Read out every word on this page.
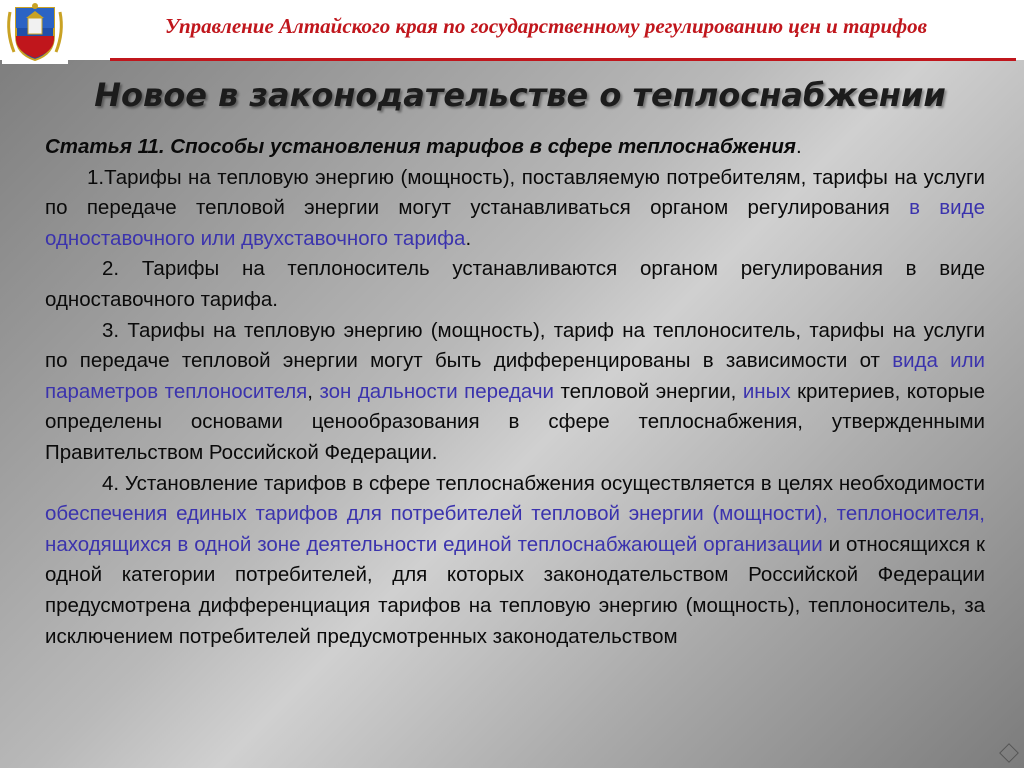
Управление Алтайского края по государственному регулированию цен и тарифов
Новое в законодательстве о теплоснабжении

Статья 11. Способы установления тарифов в сфере теплоснабжения.

1.Тарифы на тепловую энергию (мощность), поставляемую потребителям, тарифы на услуги по передаче тепловой энергии могут устанавливаться органом регулирования в виде одноставочного или двухставочного тарифа.

2. Тарифы на теплоноситель устанавливаются органом регулирования в виде одноставочного тарифа.

3. Тарифы на тепловую энергию (мощность), тариф на теплоноситель, тарифы на услуги по передаче тепловой энергии могут быть дифференцированы в зависимости от вида или параметров теплоносителя, зон дальности передачи тепловой энергии, иных критериев, которые определены основами ценообразования в сфере теплоснабжения, утвержденными Правительством Российской Федерации.

4. Установление тарифов в сфере теплоснабжения осуществляется в целях необходимости обеспечения единых тарифов для потребителей тепловой энергии (мощности), теплоносителя, находящихся в одной зоне деятельности единой теплоснабжающей организации и относящихся к одной категории потребителей, для которых законодательством Российской Федерации предусмотрена дифференциация тарифов на тепловую энергию (мощность), теплоноситель, за исключением потребителей предусмотренных законодательством
